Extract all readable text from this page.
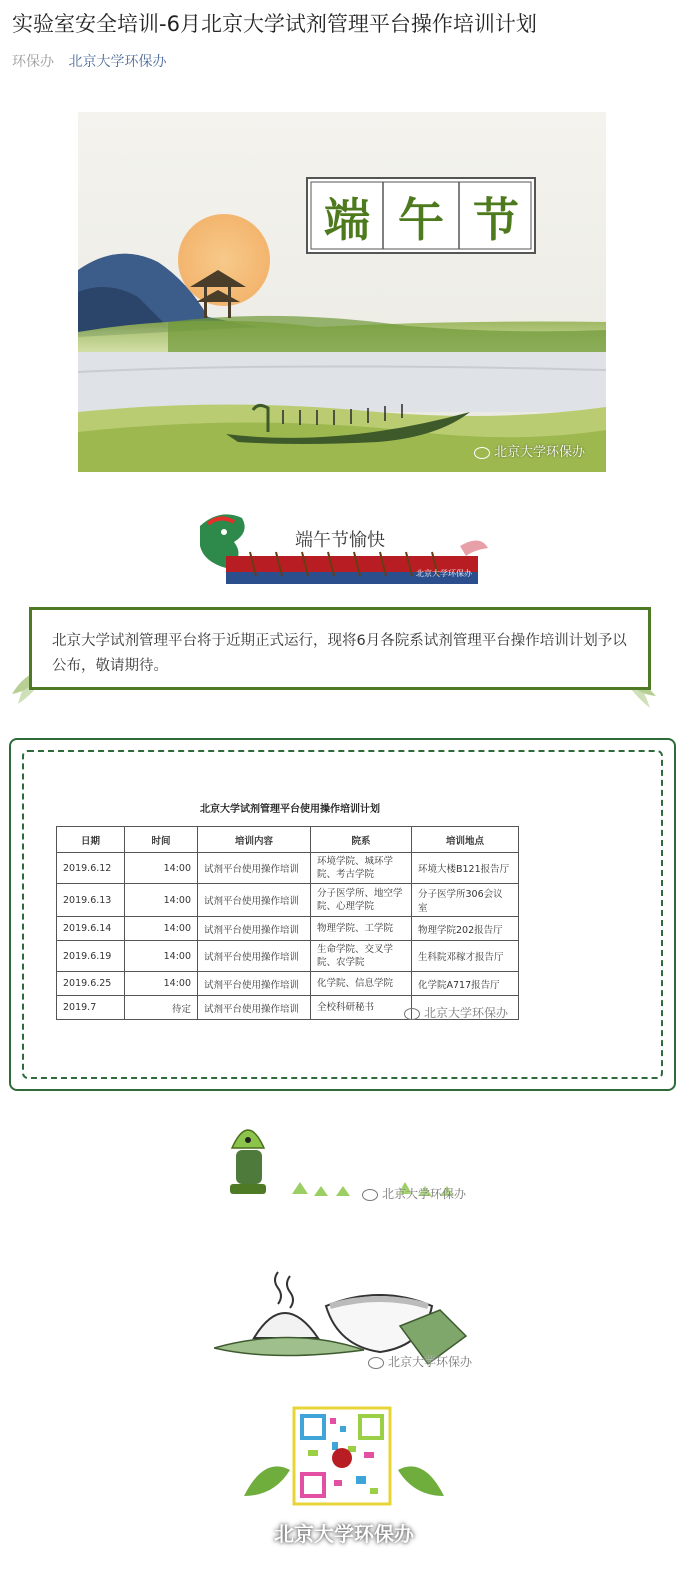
实验室安全培训-6月北京大学试剂管理平台操作培训计划
环保办 北京大学环保办
端 午 节
北京大学环保办
端午节愉快
北京大学环保办

北京大学试剂管理平台将于近期正式运行，现将6月各院系试剂管理平台操作培训计划予以公布，敬请期待。

北京大学试剂管理平台使用操作培训计划
日期	时间	培训内容	院系	培训地点
2019.6.12	14:00	试剂平台使用操作培训	环境学院、城环学院、考古学院	环境大楼B121报告厅
2019.6.13	14:00	试剂平台使用操作培训	分子医学所、地空学院、心理学院	分子医学所306会议室
2019.6.14	14:00	试剂平台使用操作培训	物理学院、工学院	物理学院202报告厅
2019.6.19	14:00	试剂平台使用操作培训	生命学院、交叉学院、农学院	生科院邓稼才报告厅
2019.6.25	14:00	试剂平台使用操作培训	化学院、信息学院	化学院A717报告厅
2019.7	待定	试剂平台使用操作培训	全校科研秘书		北京大学环保办
北京大学环保办
北京大学环保办
北京大学环保办
